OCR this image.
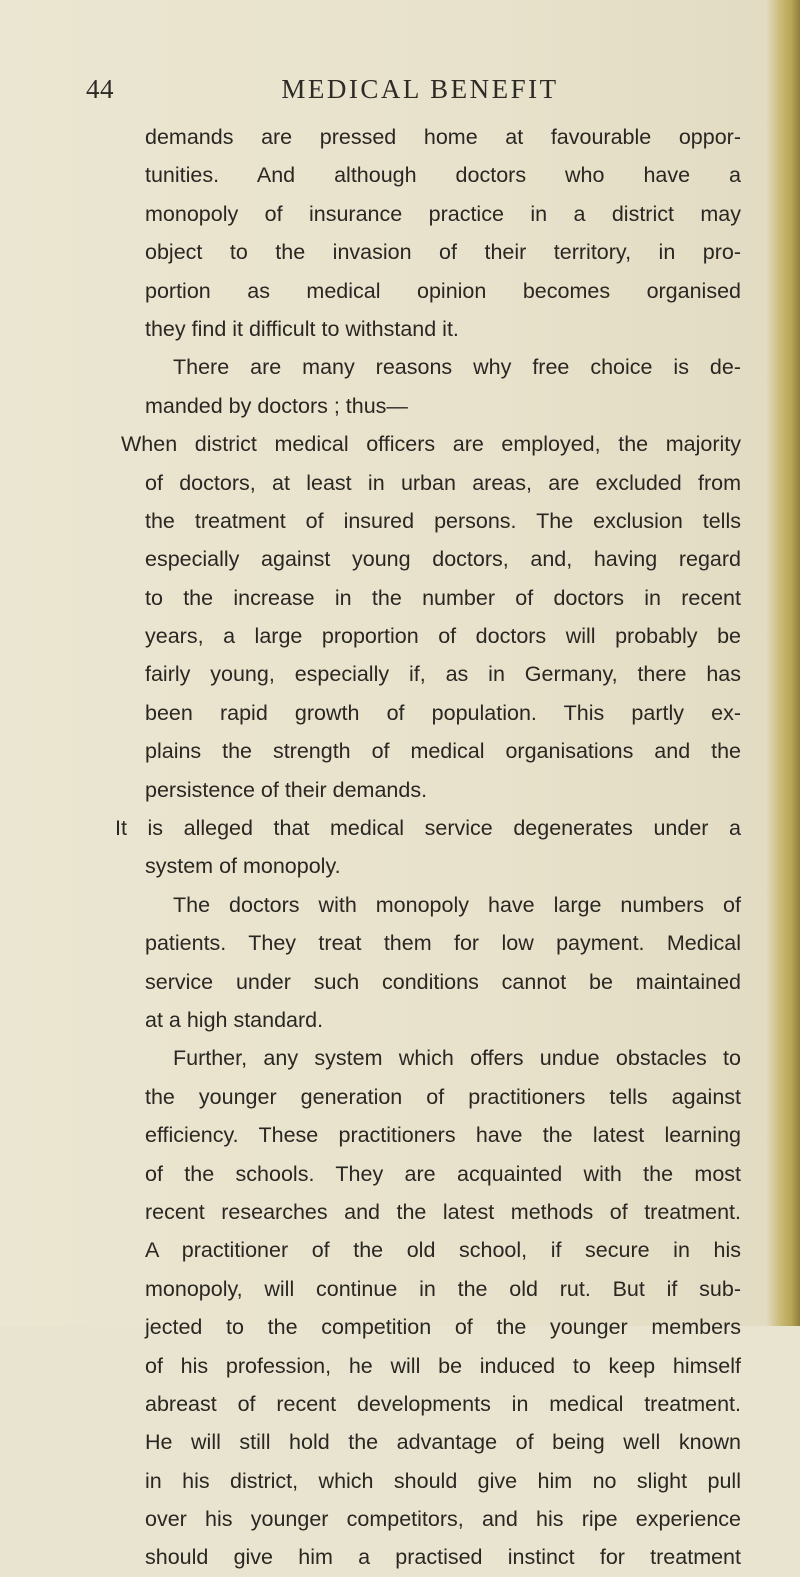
44	MEDICAL BENEFIT
demands are pressed home at favourable oppor-
tunities. And although doctors who have a
monopoly of insurance practice in a district may
object to the invasion of their territory, in pro-
portion as medical opinion becomes organised
they find it difficult to withstand it.
There are many reasons why free choice is de-
manded by doctors ; thus—
When district medical officers are employed, the majority
of doctors, at least in urban areas, are excluded from
the treatment of insured persons. The exclusion tells
especially against young doctors, and, having regard
to the increase in the number of doctors in recent
years, a large proportion of doctors will probably be
fairly young, especially if, as in Germany, there has
been rapid growth of population. This partly ex-
plains the strength of medical organisations and the
persistence of their demands.
It is alleged that medical service degenerates under a
system of monopoly.
The doctors with monopoly have large numbers of
patients. They treat them for low payment. Medical
service under such conditions cannot be maintained
at a high standard.
Further, any system which offers undue obstacles to
the younger generation of practitioners tells against
efficiency. These practitioners have the latest learning
of the schools. They are acquainted with the most
recent researches and the latest methods of treatment.
A practitioner of the old school, if secure in his
monopoly, will continue in the old rut. But if sub-
jected to the competition of the younger members
of his profession, he will be induced to keep himself
abreast of recent developments in medical treatment.
He will still hold the advantage of being well known
in his district, which should give him no slight pull
over his younger competitors, and his ripe experience
should give him a practised instinct for treatment
